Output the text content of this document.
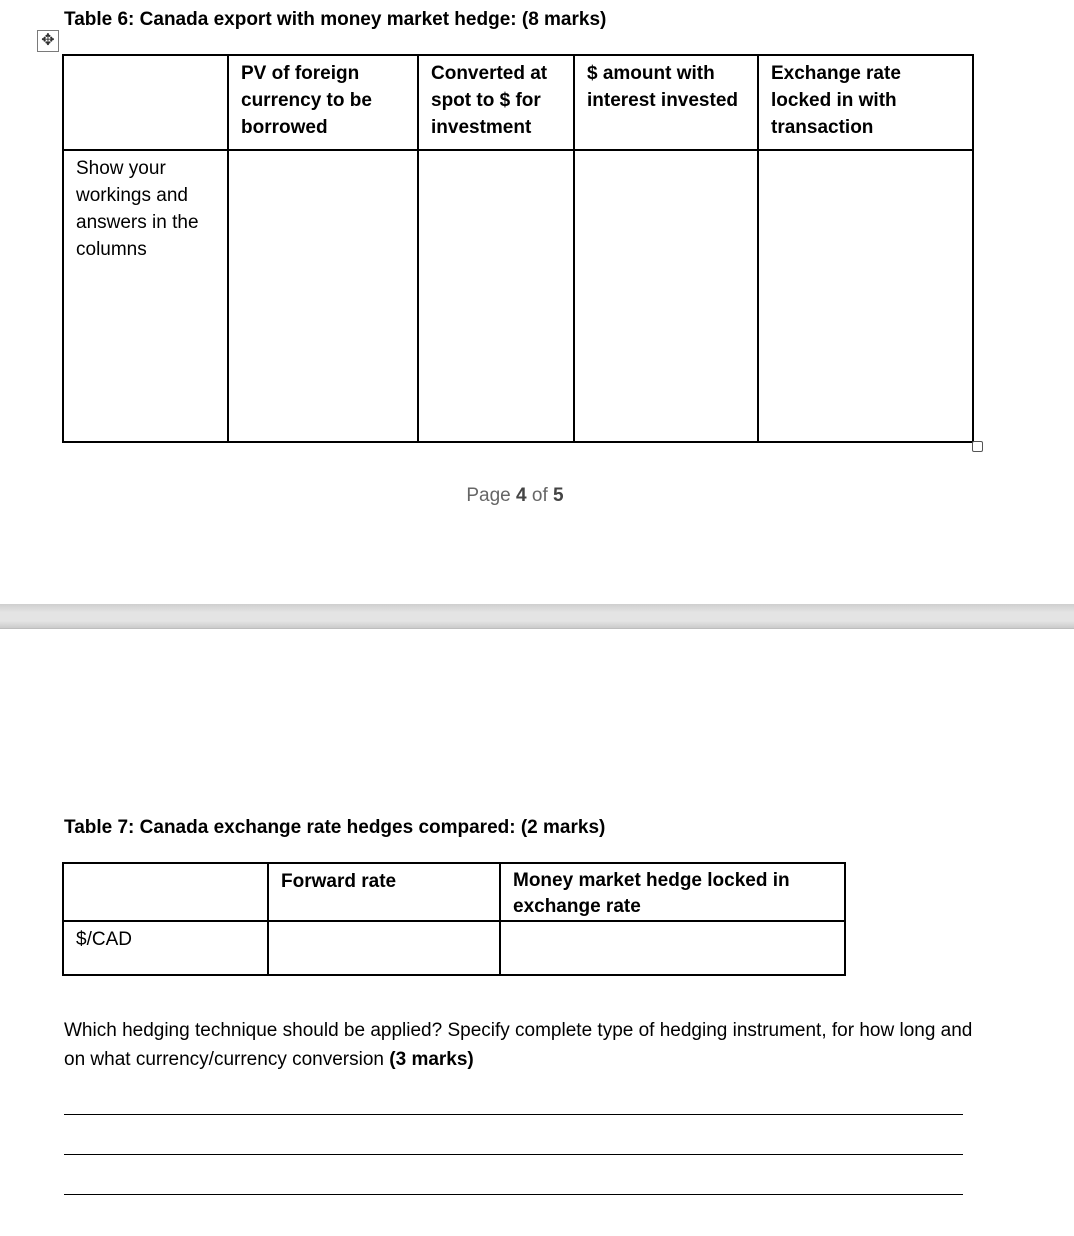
Table 6: Canada export with money market hedge: (8 marks)
✥
	PV of foreign currency to be borrowed	Converted at spot to $ for investment	$ amount with interest invested	Exchange rate locked in with transaction
Show your workings and answers in the columns				
Page 4 of 5
Table 7: Canada exchange rate hedges compared: (2 marks)
	Forward rate	Money market hedge locked in exchange rate
$/CAD		
Which hedging technique should be applied? Specify complete type of hedging instrument, for how long and on what currency/currency conversion (3 marks)
